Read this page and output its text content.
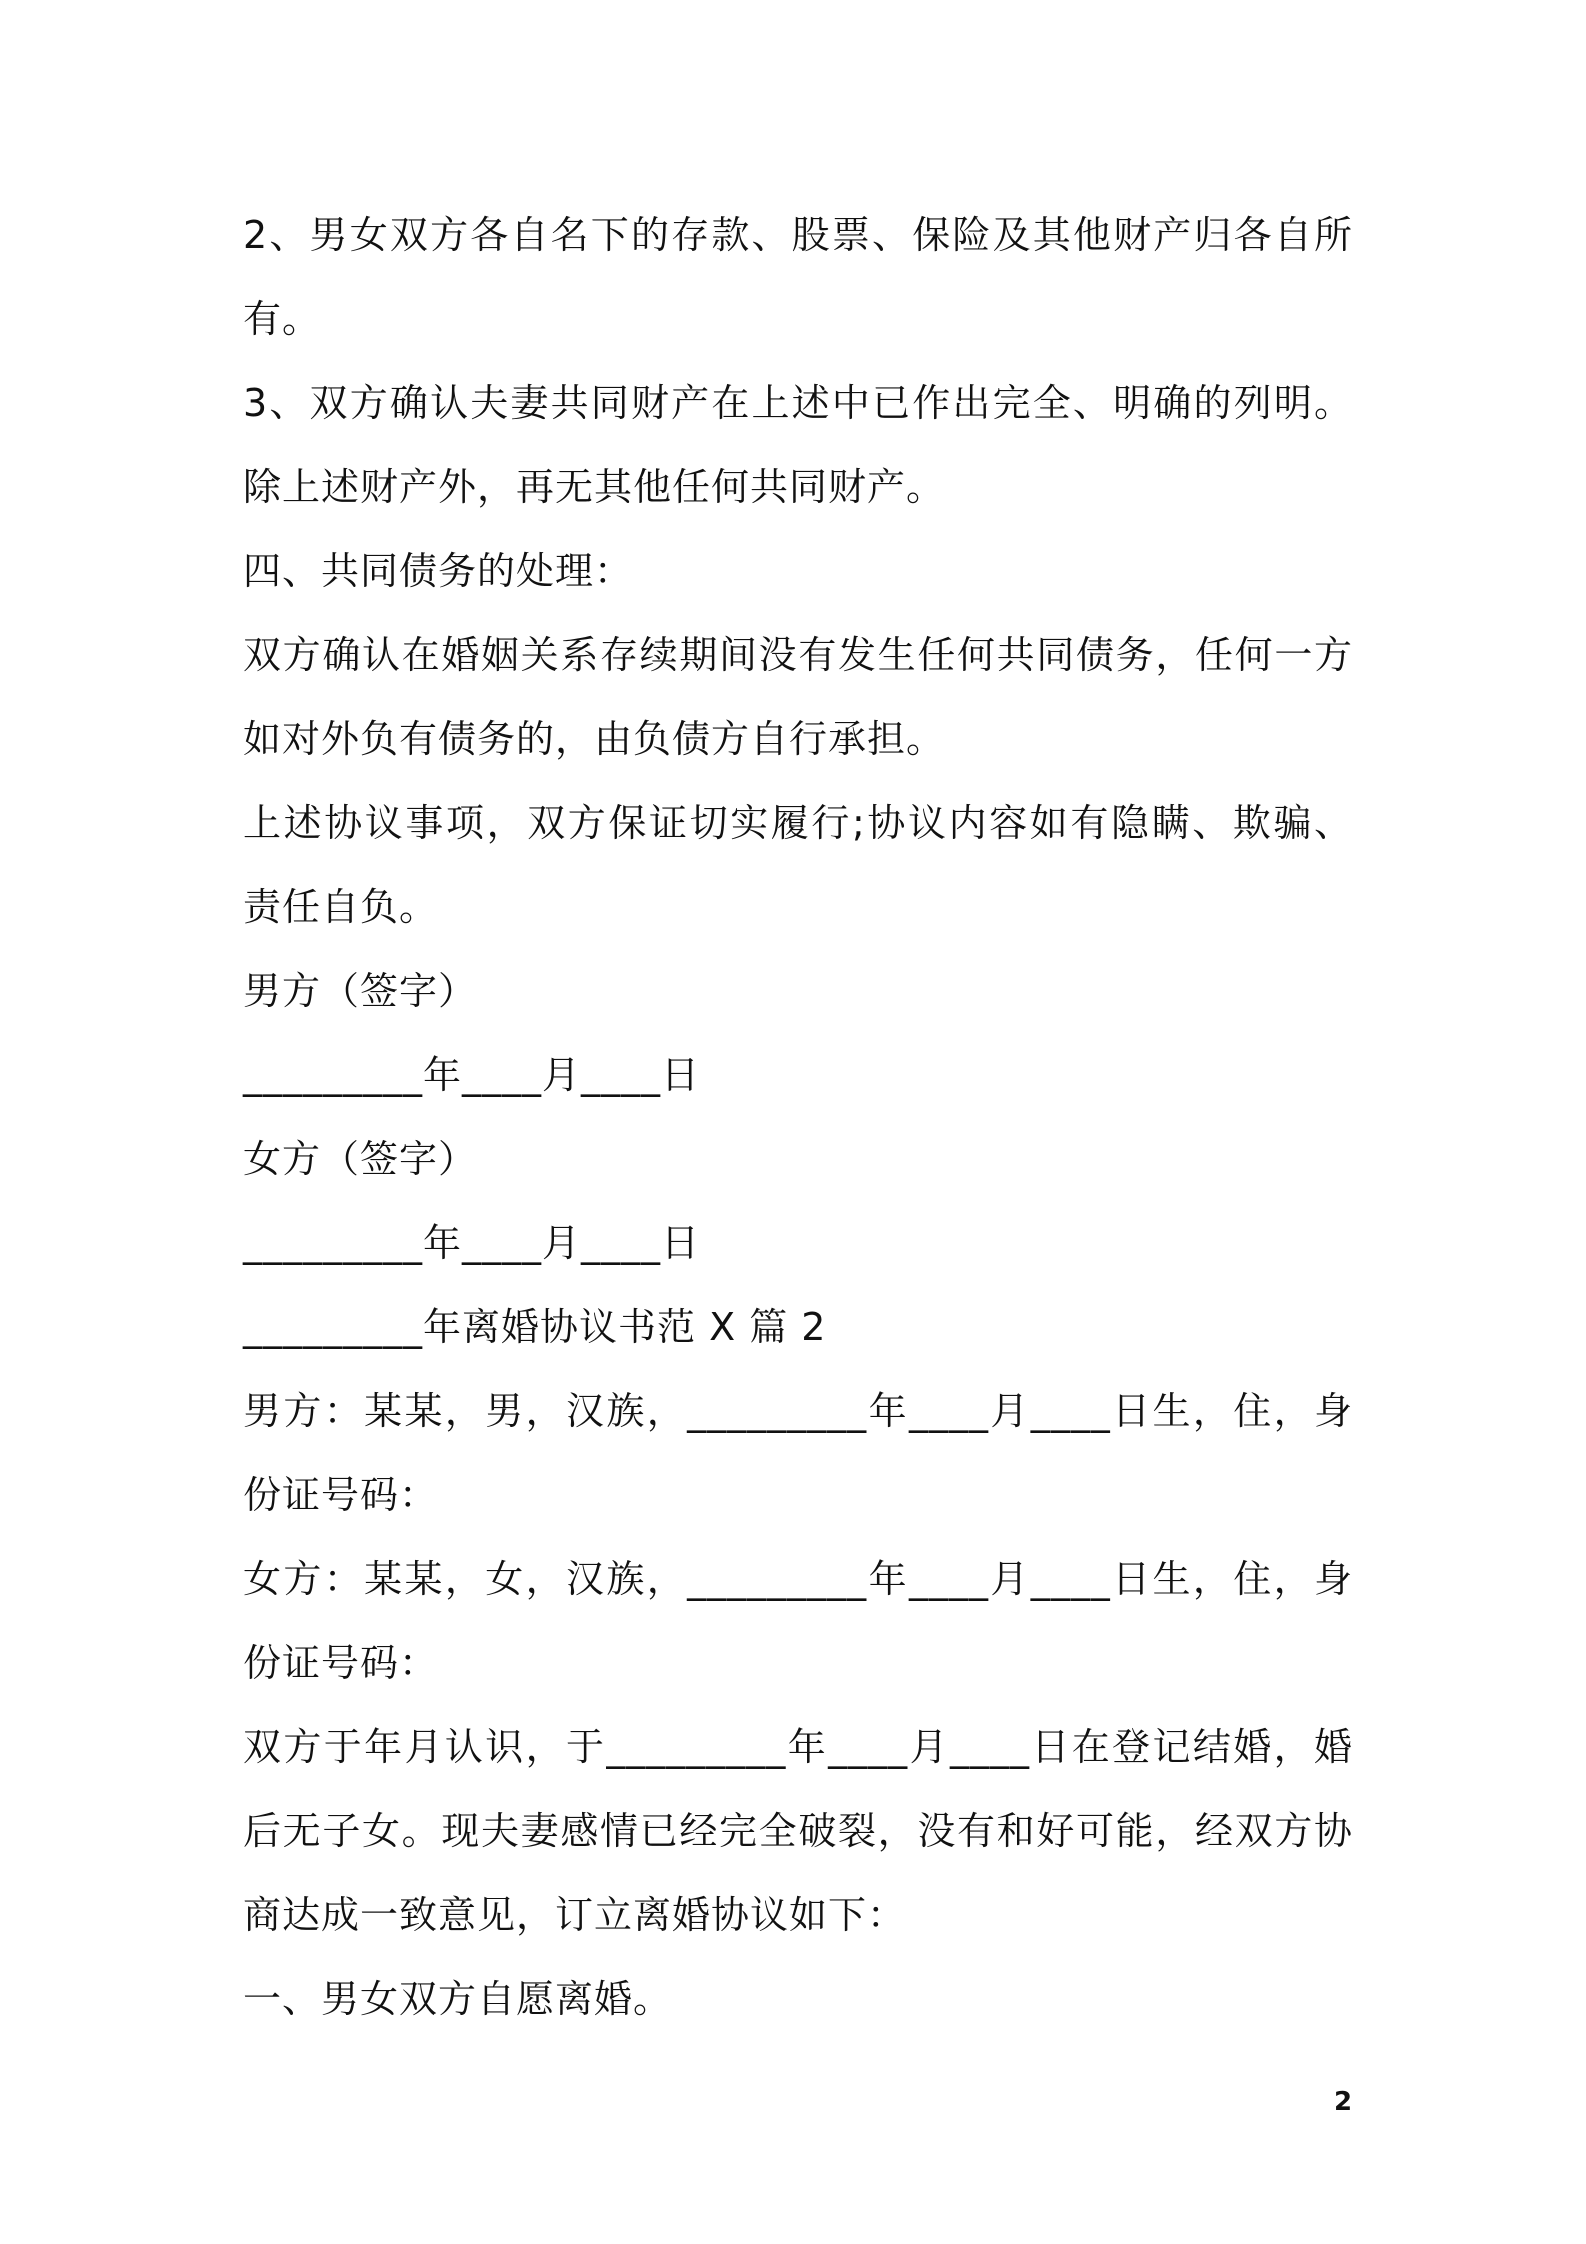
2、男女双方各自名下的存款、股票、保险及其他财产归各自所
有。
3、双方确认夫妻共同财产在上述中已作出完全、明确的列明。
除上述财产外，再无其他任何共同财产。
四、共同债务的处理：
双方确认在婚姻关系存续期间没有发生任何共同债务，任何一方
如对外负有债务的，由负债方自行承担。
上述协议事项，双方保证切实履行;协议内容如有隐瞒、欺骗、
责任自负。
男方（签字）
_________年____月____日
女方（签字）
_________年____月____日
_________年离婚协议书范 X 篇 2
男方：某某，男，汉族，_________年____月____日生，住，身
份证号码：
女方：某某，女，汉族，_________年____月____日生，住，身
份证号码：
双方于年月认识，于_________年____月____日在登记结婚，婚
后无子女。现夫妻感情已经完全破裂，没有和好可能，经双方协
商达成一致意见，订立离婚协议如下：
一、男女双方自愿离婚。
2
